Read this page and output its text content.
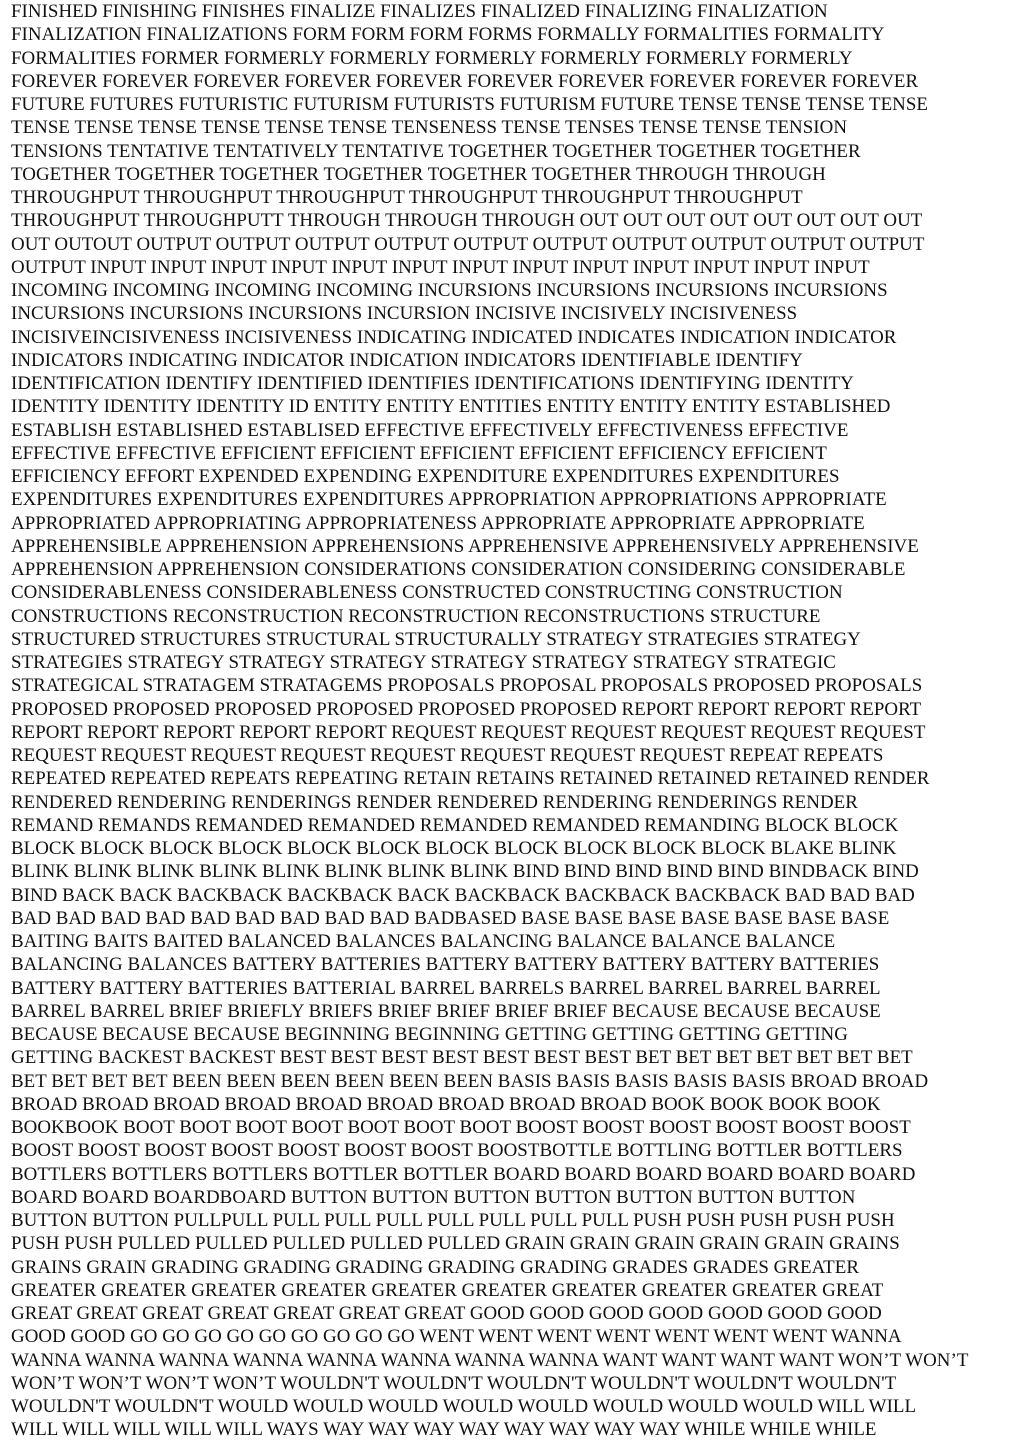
FINISHED FINISHING FINISHES FINALIZE FINALIZES FINALIZED FINALIZING FINALIZATION

FINALIZATION FINALIZATIONS FORM FORM FORM FORMS FORMALLY FORMALITIES FORMALITY

FORMALITIES FORMER FORMERLY FORMERLY FORMERLY FORMERLY FORMERLY FORMERLY

FOREVER FOREVER FOREVER FOREVER FOREVER FOREVER FOREVER FOREVER FOREVER FOREVER

FUTURE FUTURES FUTURISTIC FUTURISM FUTURISTS FUTURISM FUTURE TENSE TENSE TENSE TENSE

TENSE TENSE TENSE TENSE TENSE TENSE TENSENESS TENSE TENSES TENSE TENSE TENSION

TENSIONS TENTATIVE TENTATIVELY TENTATIVE TOGETHER TOGETHER TOGETHER TOGETHER

TOGETHER TOGETHER TOGETHER TOGETHER TOGETHER TOGETHER THROUGH THROUGH

THROUGHPUT THROUGHPUT THROUGHPUT THROUGHPUT THROUGHPUT THROUGHPUT

THROUGHPUT THROUGHPUTT THROUGH THROUGH THROUGH OUT OUT OUT OUT OUT OUT OUT OUT

OUT OUTOUT OUTPUT OUTPUT OUTPUT OUTPUT OUTPUT OUTPUT OUTPUT OUTPUT OUTPUT OUTPUT

OUTPUT INPUT INPUT INPUT INPUT INPUT INPUT INPUT INPUT INPUT INPUT INPUT INPUT INPUT

INCOMING INCOMING INCOMING INCOMING INCURSIONS INCURSIONS INCURSIONS INCURSIONS

INCURSIONS INCURSIONS INCURSIONS INCURSION INCISIVE INCISIVELY INCISIVENESS

INCISIVEINCISIVENESS INCISIVENESS INDICATING INDICATED INDICATES INDICATION INDICATOR

INDICATORS INDICATING INDICATOR INDICATION INDICATORS IDENTIFIABLE IDENTIFY

IDENTIFICATION IDENTIFY IDENTIFIED IDENTIFIES IDENTIFICATIONS IDENTIFYING IDENTITY

IDENTITY IDENTITY IDENTITY ID ENTITY ENTITY ENTITIES ENTITY ENTITY ENTITY ESTABLISHED

ESTABLISH ESTABLISHED ESTABLISED EFFECTIVE EFFECTIVELY EFFECTIVENESS EFFECTIVE

EFFECTIVE EFFECTIVE EFFICIENT EFFICIENT EFFICIENT EFFICIENT EFFICIENCY EFFICIENT

EFFICIENCY EFFORT EXPENDED EXPENDING EXPENDITURE EXPENDITURES EXPENDITURES

EXPENDITURES EXPENDITURES EXPENDITURES APPROPRIATION APPROPRIATIONS APPROPRIATE

APPROPRIATED APPROPRIATING APPROPRIATENESS APPROPRIATE APPROPRIATE APPROPRIATE

APPREHENSIBLE APPREHENSION APPREHENSIONS APPREHENSIVE APPREHENSIVELY APPREHENSIVE

APPREHENSION APPREHENSION CONSIDERATIONS CONSIDERATION CONSIDERING CONSIDERABLE

CONSIDERABLENESS CONSIDERABLENESS CONSTRUCTED CONSTRUCTING CONSTRUCTION

CONSTRUCTIONS RECONSTRUCTION RECONSTRUCTION RECONSTRUCTIONS STRUCTURE

STRUCTURED STRUCTURES STRUCTURAL STRUCTURALLY STRATEGY STRATEGIES STRATEGY

STRATEGIES STRATEGY STRATEGY STRATEGY STRATEGY STRATEGY STRATEGY STRATEGIC

STRATEGICAL STRATAGEM STRATAGEMS PROPOSALS PROPOSAL PROPOSALS PROPOSED PROPOSALS

PROPOSED PROPOSED PROPOSED PROPOSED PROPOSED PROPOSED REPORT REPORT REPORT REPORT

REPORT REPORT REPORT REPORT REPORT REQUEST REQUEST REQUEST REQUEST REQUEST REQUEST

REQUEST REQUEST REQUEST REQUEST REQUEST REQUEST REQUEST REQUEST REPEAT REPEATS

REPEATED REPEATED REPEATS REPEATING RETAIN RETAINS RETAINED RETAINED RETAINED RENDER

RENDERED RENDERING RENDERINGS RENDER RENDERED RENDERING RENDERINGS RENDER

REMAND REMANDS REMANDED REMANDED REMANDED REMANDED REMANDING BLOCK BLOCK

BLOCK BLOCK BLOCK BLOCK BLOCK BLOCK BLOCK BLOCK BLOCK BLOCK BLOCK BLAKE BLINK

BLINK BLINK BLINK BLINK BLINK BLINK BLINK BLINK BIND BIND BIND BIND BIND BINDBACK BIND

BIND BACK BACK BACKBACK BACKBACK BACK BACKBACK BACKBACK BACKBACK BAD BAD BAD

BAD BAD BAD BAD BAD BAD BAD BAD BAD BADBASED BASE BASE BASE BASE BASE BASE BASE

BAITING BAITS BAITED BALANCED BALANCES BALANCING BALANCE BALANCE BALANCE

BALANCING BALANCES BATTERY BATTERIES BATTERY BATTERY BATTERY BATTERY BATTERIES

BATTERY BATTERY BATTERIES BATTERIAL BARREL BARRELS BARREL BARREL BARREL BARREL

BARREL BARREL BRIEF BRIEFLY BRIEFS BRIEF BRIEF BRIEF BRIEF BECAUSE BECAUSE BECAUSE

BECAUSE BECAUSE BECAUSE BEGINNING BEGINNING GETTING GETTING GETTING GETTING

GETTING BACKEST BACKEST BEST BEST BEST BEST BEST BEST BEST BET BET BET BET BET BET BET

BET BET BET BET BEEN BEEN BEEN BEEN BEEN BEEN BASIS BASIS BASIS BASIS BASIS BROAD BROAD

BROAD BROAD BROAD BROAD BROAD BROAD BROAD BROAD BROAD BOOK BOOK BOOK BOOK

BOOKBOOK BOOT BOOT BOOT BOOT BOOT BOOT BOOT BOOST BOOST BOOST BOOST BOOST BOOST

BOOST BOOST BOOST BOOST BOOST BOOST BOOST BOOSTBOTTLE BOTTLING BOTTLER BOTTLERS

BOTTLERS BOTTLERS BOTTLERS BOTTLER BOTTLER BOARD BOARD BOARD BOARD BOARD BOARD

BOARD BOARD BOARDBOARD BUTTON BUTTON BUTTON BUTTON BUTTON BUTTON BUTTON

BUTTON BUTTON PULLPULL PULL PULL PULL PULL PULL PULL PULL PUSH PUSH PUSH PUSH PUSH

PUSH PUSH PULLED PULLED PULLED PULLED PULLED GRAIN GRAIN GRAIN GRAIN GRAIN GRAINS

GRAINS GRAIN GRADING GRADING GRADING GRADING GRADING GRADES GRADES GREATER

GREATER GREATER GREATER GREATER GREATER GREATER GREATER GREATER GREATER GREAT

GREAT GREAT GREAT GREAT GREAT GREAT GREAT GOOD GOOD GOOD GOOD GOOD GOOD GOOD

GOOD GOOD GO GO GO GO GO GO GO GO GO WENT WENT WENT WENT WENT WENT WENT WANNA

WANNA WANNA WANNA WANNA WANNA WANNA WANNA WANNA WANT WANT WANT WANT WON’T WON’T

WON’T WON’T WON’T WON’T WOULDN'T WOULDN'T WOULDN'T WOULDN'T WOULDN'T WOULDN'T

WOULDN'T WOULDN'T WOULD WOULD WOULD WOULD WOULD WOULD WOULD WOULD WILL WILL

WILL WILL WILL WILL WILL WAYS WAY WAY WAY WAY WAY WAY WAY WAY WHILE WHILE WHILE
